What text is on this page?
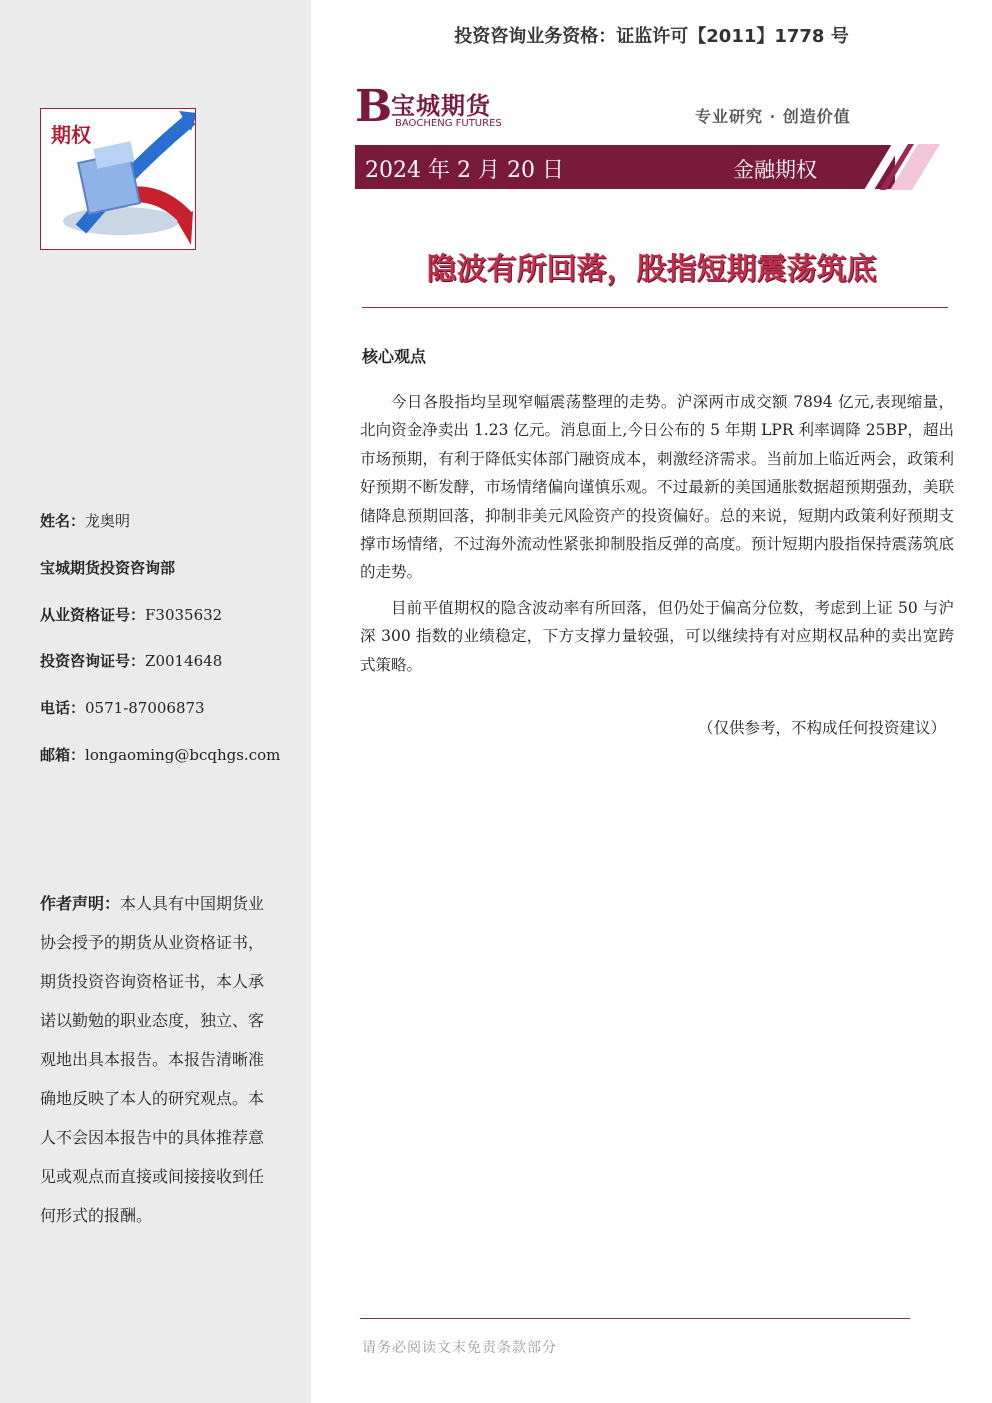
期权
姓名：龙奥明
宝城期货投资咨询部
从业资格证号：F3035632
投资咨询证号：Z0014648
电话：0571-87006873
邮箱：longaoming@bcqhgs.com
作者声明：本人具有中国期货业协会授予的期货从业资格证书，期货投资咨询资格证书，本人承诺以勤勉的职业态度，独立、客观地出具本报告。本报告清晰准确地反映了本人的研究观点。本人不会因本报告中的具体推荐意见或观点而直接或间接接收到任何形式的报酬。
投资咨询业务资格：证监许可【2011】1778 号
B
宝城期货
BAOCHENG FUTURES	专业研究 · 创造价值
2024 年 2 月 20 日	金融期权
隐波有所回落，股指短期震荡筑底
核心观点

今日各股指均呈现窄幅震荡整理的走势。沪深两市成交额 7894 亿元,表现缩量，北向资金净卖出 1.23 亿元。消息面上,今日公布的 5 年期 LPR 利率调降 25BP，超出市场预期，有利于降低实体部门融资成本，刺激经济需求。当前加上临近两会，政策利好预期不断发酵，市场情绪偏向谨慎乐观。不过最新的美国通胀数据超预期强劲，美联储降息预期回落，抑制非美元风险资产的投资偏好。总的来说，短期内政策利好预期支撑市场情绪，不过海外流动性紧张抑制股指反弹的高度。预计短期内股指保持震荡筑底的走势。

目前平值期权的隐含波动率有所回落，但仍处于偏高分位数，考虑到上证 50 与沪深 300 指数的业绩稳定，下方支撑力量较强，可以继续持有对应期权品种的卖出宽跨式策略。

（仅供参考，不构成任何投资建议）
请务必阅读文末免责条款部分
